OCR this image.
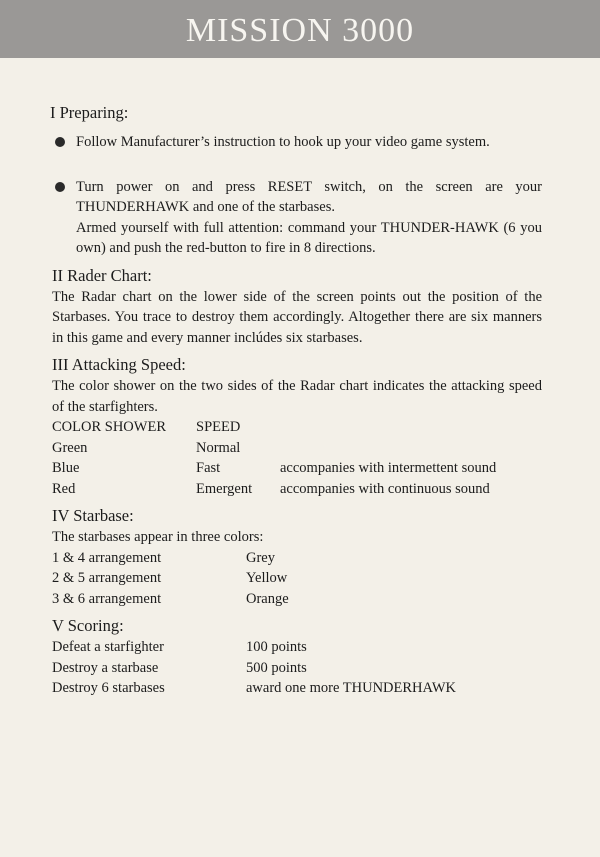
MISSION 3000
I Preparing:

Follow Manufacturer’s instruction to hook up your video game system.

Turn power on and press RESET switch, on the screen are your THUNDERHAWK and one of the starbases.

Armed yourself with full attention: command your THUNDER-HAWK (6 you own) and push the red-button to fire in 8 directions.

II Rader Chart:

The Radar chart on the lower side of the screen points out the position of the Starbases. You trace to destroy them accordingly. Altogether there are six manners in this game and every manner inclúdes six starbases.

III Attacking Speed:

The color shower on the two sides of the Radar chart indicates the attacking speed of the starfighters.

COLOR SHOWER	SPEED
Green	Normal
Blue	Fast	accompanies with intermettent sound
Red	Emergent	accompanies with continuous sound
IV Starbase:

The starbases appear in three colors:

1 & 4 arrangement	Grey
2 & 5 arrangement	Yellow
3 & 6 arrangement	Orange
V Scoring:
Defeat a starfighter	100 points
Destroy a starbase	500 points
Destroy 6 starbases	award one more THUNDERHAWK
